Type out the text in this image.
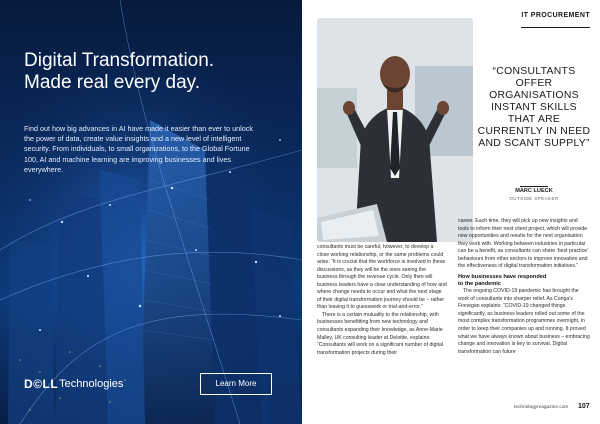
Digital Transformation.
Made real every day.
Find out how big advances in AI have made it easier than ever to unlock the power of data, create value insights and a new level of intelligent security. From individuals, to small organizations, to the Global Fortune 100, AI and machine learning are improving businesses and lives everywhere.
D©LL Technologies	Learn More
IT PROCUREMENT
“CONSULTANTS OFFER ORGANISATIONS INSTANT SKILLS THAT ARE CURRENTLY IN NEED AND SCANT SUPPLY”
MARC LUECK
OUTSIDE SPEAKER

consultants must be careful, however, to develop a close working relationship, or the same problems could arise. “It is crucial that the workforce is involved in these discussions, as they will be the ones seeing the business through the revenue cycle. Only then will business leaders have a clear understanding of how and where change needs to occur and what the next stage of their digital transformation journey should be – rather than leaving it to guesswork or trial-and-error.”

There is a certain mutuality to the relationship, with businesses benefitting from new technology and consultants expanding their knowledge, as Anne-Marie Malley, UK consulting leader at Deloitte, explains: “Consultants will work on a significant number of digital transformation projects during their

career. Each time, they will pick up new insights and tools to inform their next client project, which will provide new opportunities and results for the next organisation they work with. Working between industries in particular can be a benefit, as consultants can share ‘best practice’ behaviours from other sectors to improve innovation and the effectiveness of digital transformation initiatives.”

How businesses have responded
to the pandemic

The ongoing COVID-19 pandemic has brought the work of consultants into sharper relief. As Conga’s Finnegan explains: “COVID-19 changed things significantly, as business leaders rolled out some of the most complex transformation programmes overnight, in order to keep their companies up and running. It proved what we have always known about business – embracing change and innovation is key to survival. Digital transformation can future

technologymagazine.com 107
